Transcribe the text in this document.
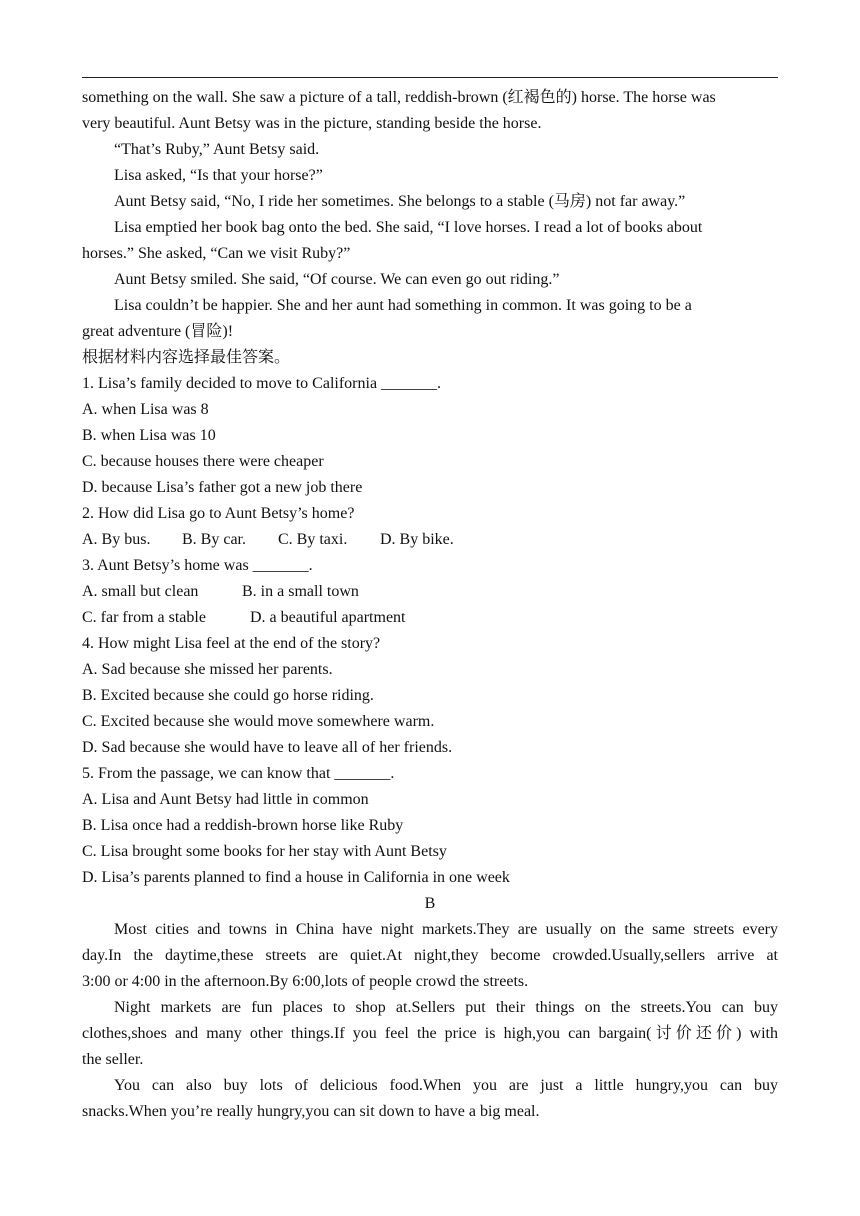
something on the wall. She saw a picture of a tall, reddish-brown (红褐色的) horse. The horse was
very beautiful. Aunt Betsy was in the picture, standing beside the horse.
“That’s Ruby,” Aunt Betsy said.
Lisa asked, “Is that your horse?”
Aunt Betsy said, “No, I ride her sometimes. She belongs to a stable (马房) not far away.”
Lisa emptied her book bag onto the bed. She said, “I love horses. I read a lot of books about
horses.” She asked, “Can we visit Ruby?”
Aunt Betsy smiled. She said, “Of course. We can even go out riding.”
Lisa couldn’t be happier. She and her aunt had something in common. It was going to be a
great adventure (冒险)!
根据材料内容选择最佳答案。
1. Lisa’s family decided to move to California _______.
A. when Lisa was 8
B. when Lisa was 10
C. because houses there were cheaper
D. because Lisa’s father got a new job there
2. How did Lisa go to Aunt Betsy’s home?
A. By bus.	B. By car.	C. By taxi.	D. By bike.
3. Aunt Betsy’s home was _______.
A. small but clean	B. in a small town
C. far from a stable	D. a beautiful apartment
4. How might Lisa feel at the end of the story?
A. Sad because she missed her parents.
B. Excited because she could go horse riding.
C. Excited because she would move somewhere warm.
D. Sad because she would have to leave all of her friends.
5. From the passage, we can know that _______.
A. Lisa and Aunt Betsy had little in common
B. Lisa once had a reddish-brown horse like Ruby
C. Lisa brought some books for her stay with Aunt Betsy
D. Lisa’s parents planned to find a house in California in one week
B
Most cities and towns in China have night markets.They are usually on the same streets every
day.In the daytime,these streets are quiet.At night,they become crowded.Usually,sellers arrive at
3:00 or 4:00 in the afternoon.By 6:00,lots of people crowd the streets.
Night markets are fun places to shop at.Sellers put their things on the streets.You can buy
clothes,shoes and many other things.If you feel the price is high,you can bargain(讨价还价) with
the seller.
You can also buy lots of delicious food.When you are just a little hungry,you can buy
snacks.When you’re really hungry,you can sit down to have a big meal.
